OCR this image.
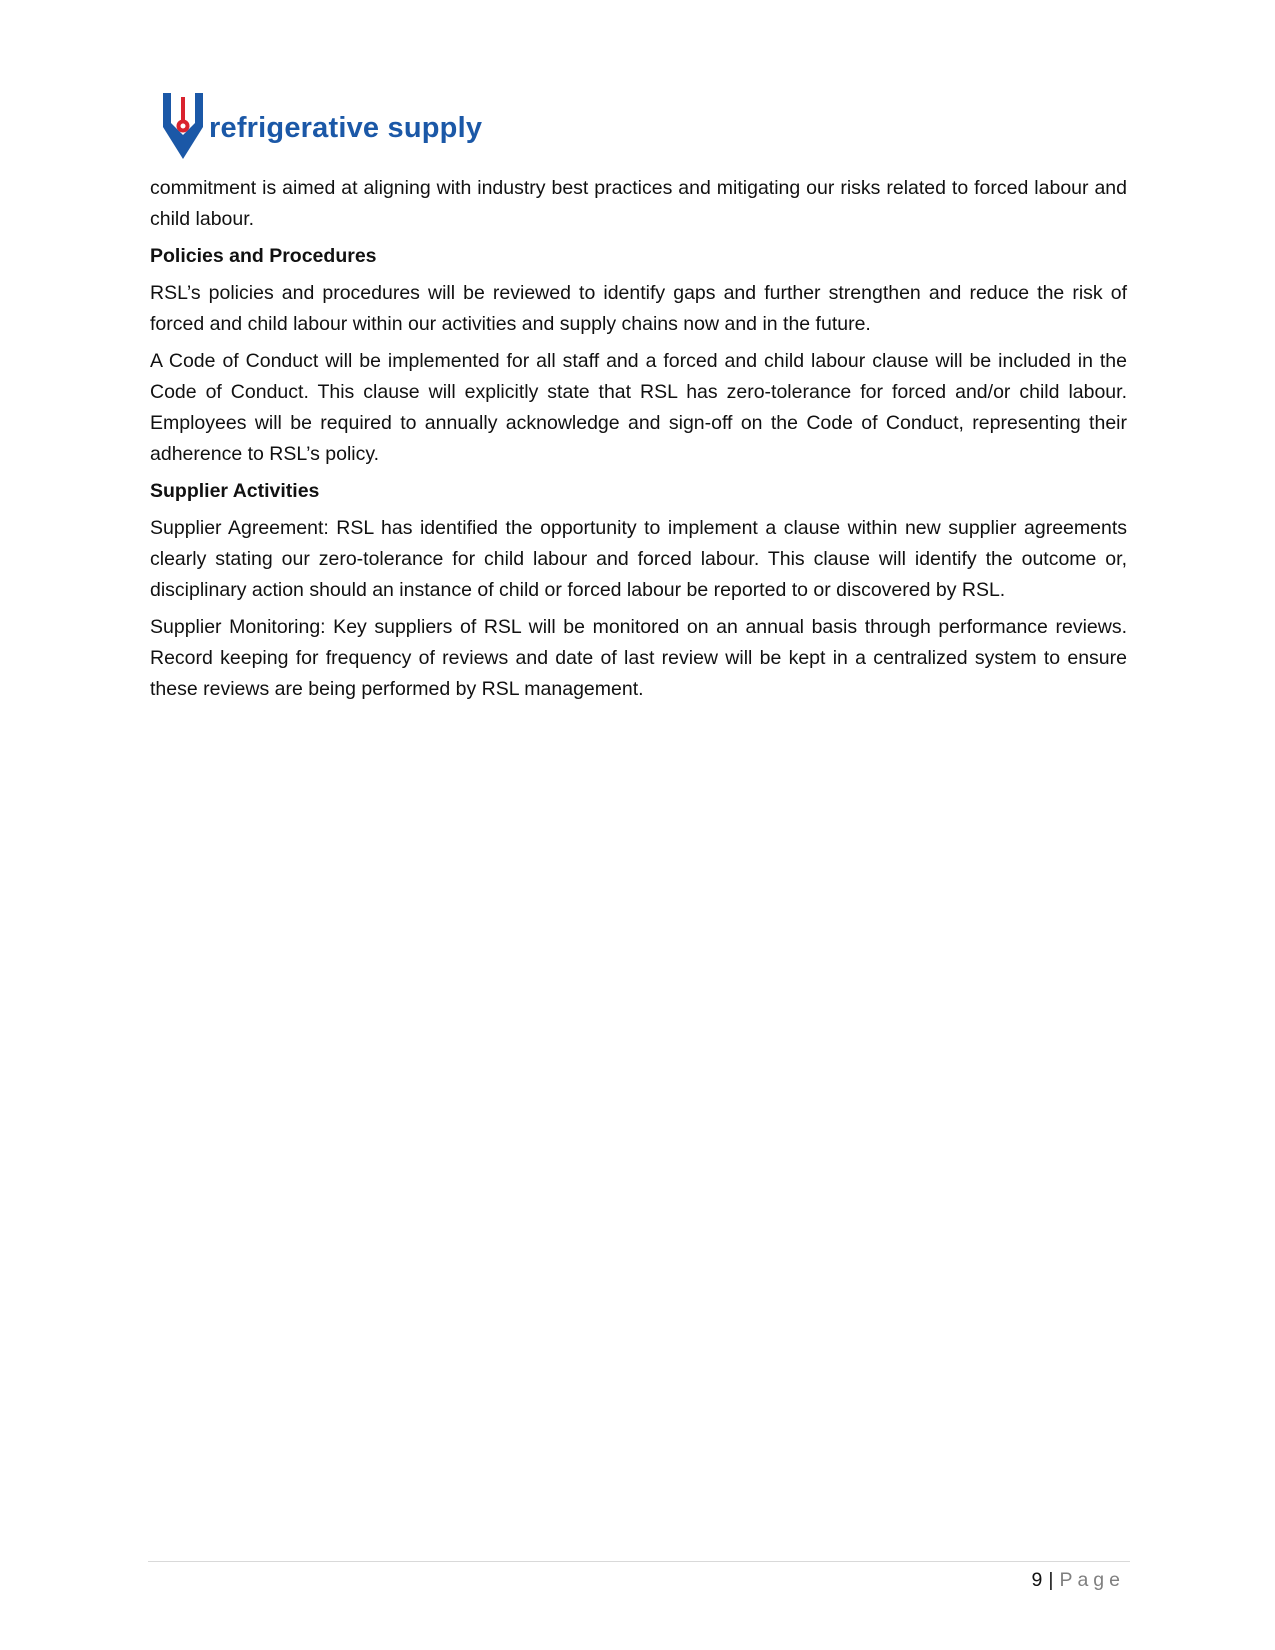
refrigerative supply

commitment is aimed at aligning with industry best practices and mitigating our risks related to forced labour and child labour.

Policies and Procedures

RSL’s policies and procedures will be reviewed to identify gaps and further strengthen and reduce the risk of forced and child labour within our activities and supply chains now and in the future.

A Code of Conduct will be implemented for all staff and a forced and child labour clause will be included in the Code of Conduct. This clause will explicitly state that RSL has zero-tolerance for forced and/or child labour. Employees will be required to annually acknowledge and sign-off on the Code of Conduct, representing their adherence to RSL’s policy.

Supplier Activities

Supplier Agreement: RSL has identified the opportunity to implement a clause within new supplier agreements clearly stating our zero-tolerance for child labour and forced labour. This clause will identify the outcome or, disciplinary action should an instance of child or forced labour be reported to or discovered by RSL.

Supplier Monitoring: Key suppliers of RSL will be monitored on an annual basis through performance reviews. Record keeping for frequency of reviews and date of last review will be kept in a centralized system to ensure these reviews are being performed by RSL management.

9 | Page
